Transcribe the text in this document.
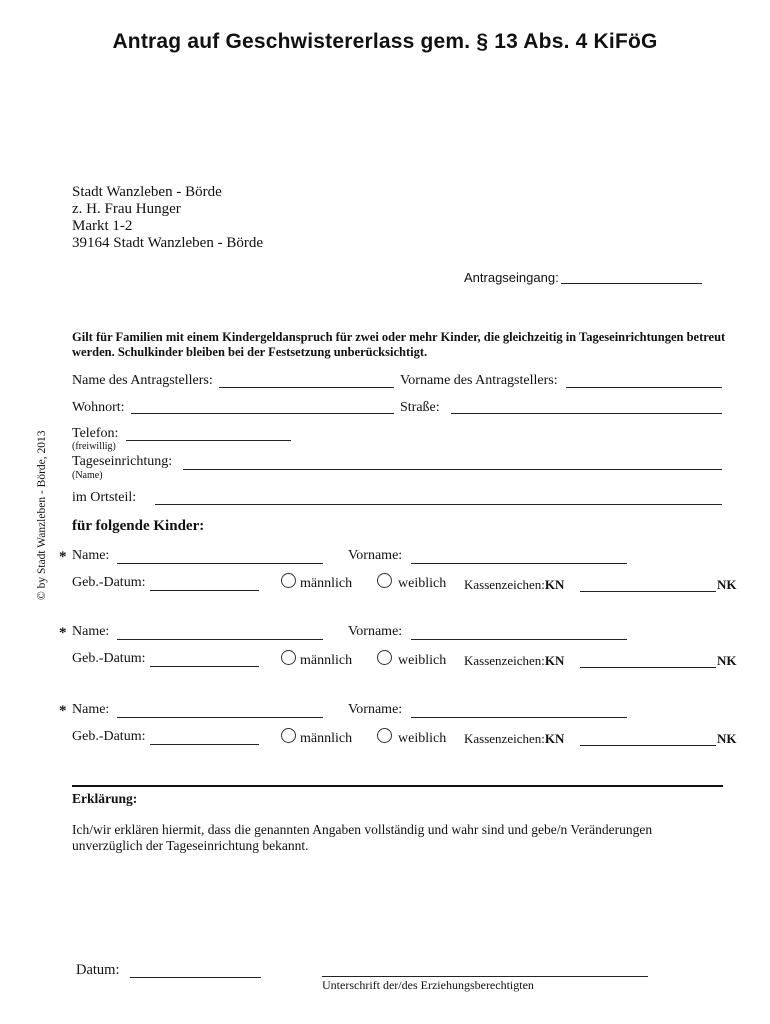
Antrag auf Geschwistererlass gem. § 13 Abs. 4 KiFöG
Stadt Wanzleben - Börde
z. H. Frau Hunger
Markt 1-2
39164 Stadt Wanzleben - Börde
Antragseingang:
Gilt für Familien mit einem Kindergeldanspruch für zwei oder mehr Kinder, die gleichzeitig in Tageseinrichtungen betreut werden. Schulkinder bleiben bei der Festsetzung unberücksichtigt.
© by Stadt Wanzleben - Börde, 2013
Name des Antragstellers:	Vorname des Antragstellers:
Wohnort:	Straße:
Telefon:
(freiwillig)
Tageseinrichtung:
(Name)
im Ortsteil:
für folgende Kinder:
* Name:	Vorname:
Geb.-Datum:	männlich	weiblich Kassenzeichen:KN	NK
* Name:	Vorname:
Geb.-Datum:	männlich	weiblich Kassenzeichen:KN	NK
* Name:	Vorname:
Geb.-Datum:	männlich	weiblich Kassenzeichen:KN	NK
Erklärung:
Ich/wir erklären hiermit, dass die genannten Angaben vollständig und wahr sind und gebe/n Veränderungen unverzüglich der Tageseinrichtung bekannt.
Datum:
Unterschrift der/des Erziehungsberechtigten
